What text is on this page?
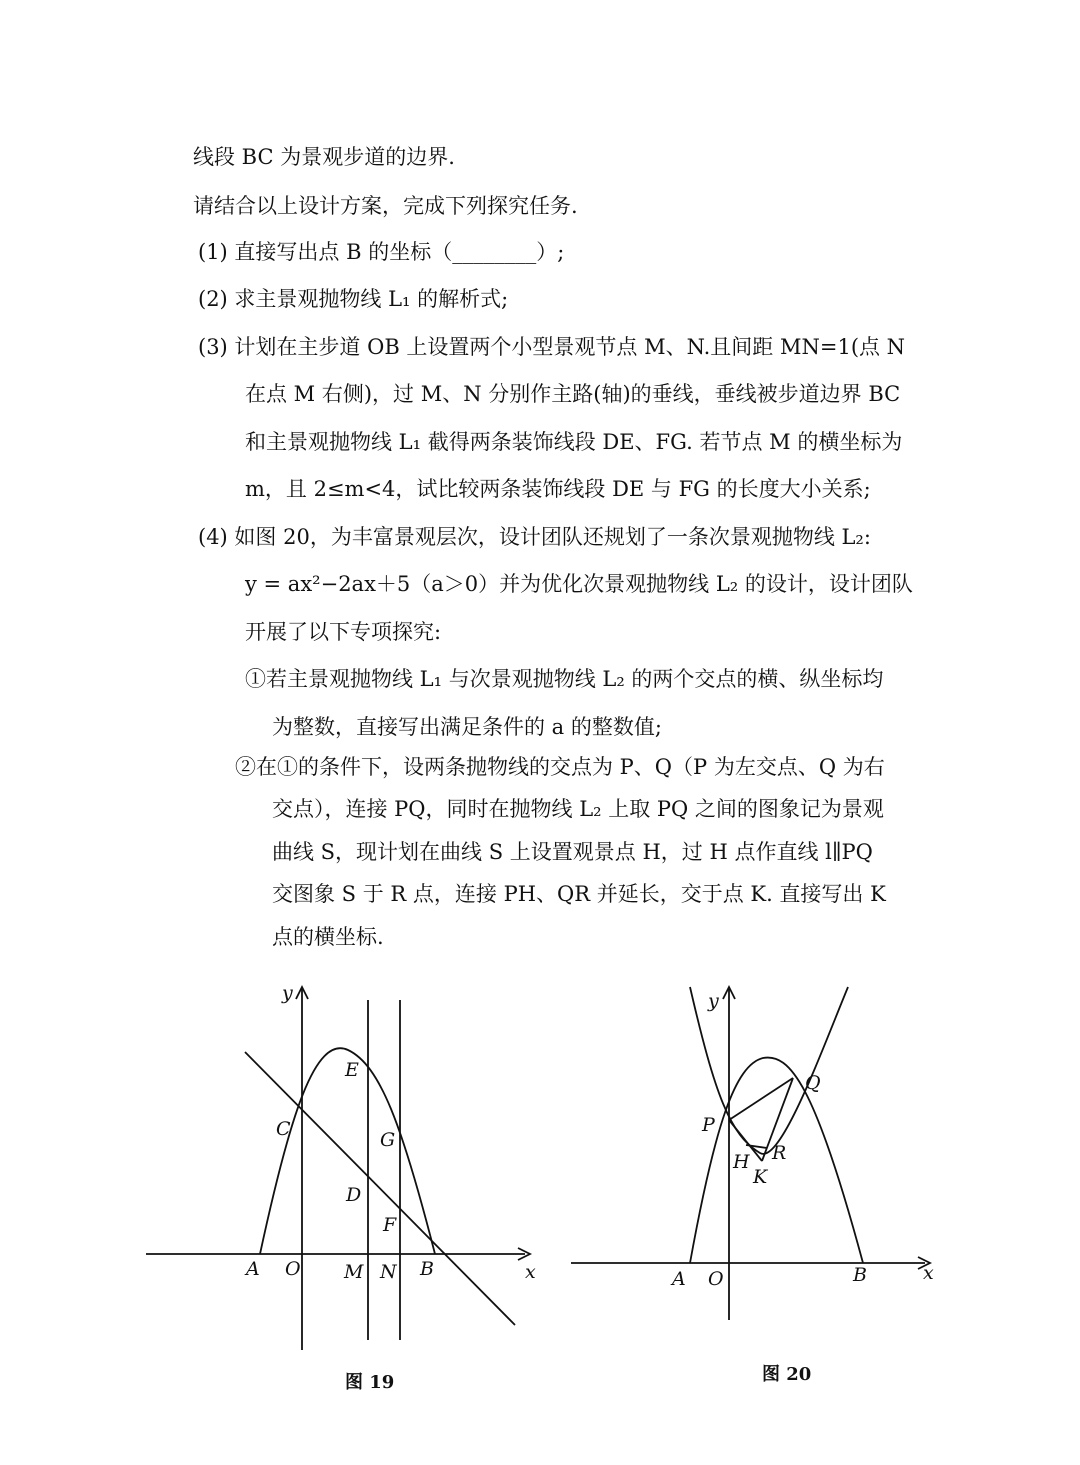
线段 BC 为景观步道的边界.
请结合以上设计方案，完成下列探究任务.
(1) 直接写出点 B 的坐标（________）;
(2) 求主景观抛物线 L₁ 的解析式;
(3) 计划在主步道 OB 上设置两个小型景观节点 M、N.且间距 MN=1(点 N
在点 M 右侧)，过 M、N 分别作主路(轴)的垂线，垂线被步道边界 BC
和主景观抛物线 L₁ 截得两条装饰线段 DE、FG. 若节点 M 的横坐标为
m，且 2≤m<4，试比较两条装饰线段 DE 与 FG 的长度大小关系;
(4) 如图 20，为丰富景观层次，设计团队还规划了一条次景观抛物线 L₂:
y = ax²−2ax＋5（a＞0）并为优化次景观抛物线 L₂ 的设计，设计团队
开展了以下专项探究:
①若主景观抛物线 L₁ 与次景观抛物线 L₂ 的两个交点的横、纵坐标均
为整数，直接写出满足条件的 a 的整数值;
②在①的条件下，设两条抛物线的交点为 P、Q（P 为左交点、Q 为右
交点），连接 PQ，同时在抛物线 L₂ 上取 PQ 之间的图象记为景观
曲线 S，现计划在曲线 S 上设置观景点 H，过 H 点作直线 l∥PQ
交图象 S 于 R 点，连接 PH、QR 并延长，交于点 K. 直接写出 K
点的横坐标.
y
x
A O M N B
C
D
E
F
G
图 19
y
x
A O	B
P
Q
H R
K
图 20
